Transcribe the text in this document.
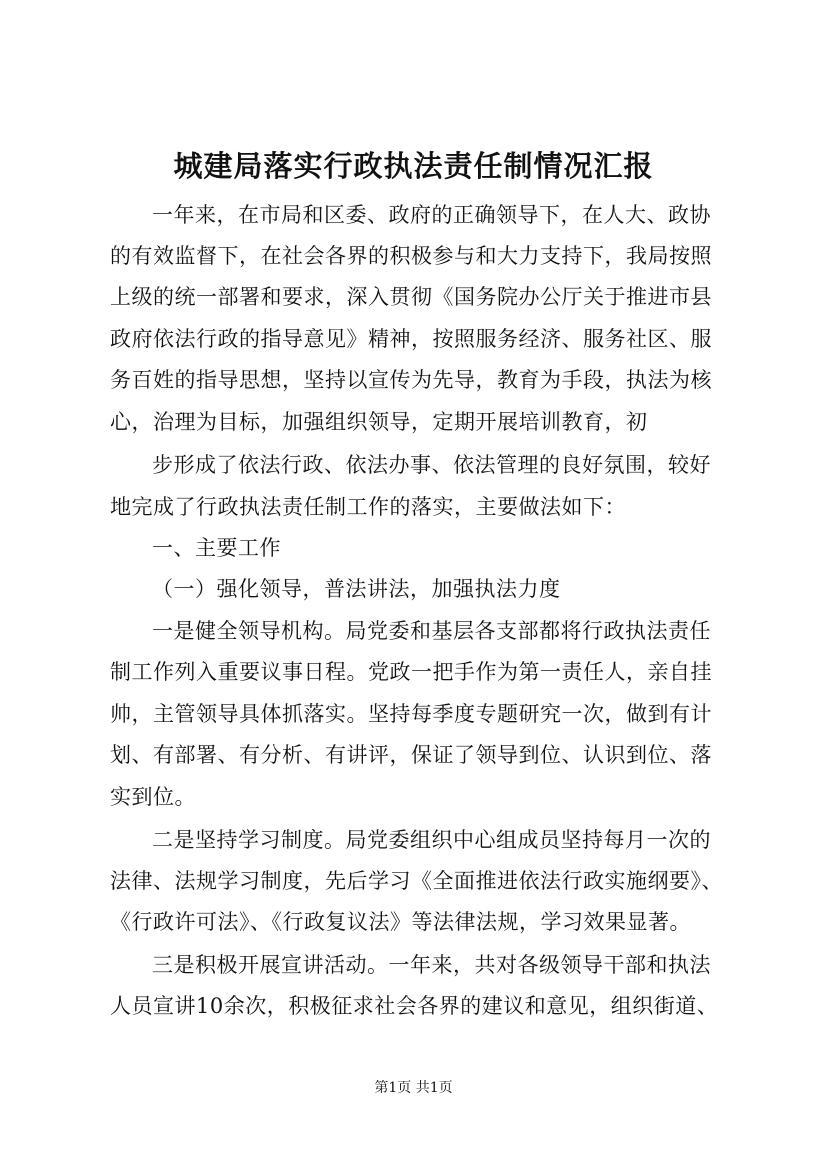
城建局落实行政执法责任制情况汇报
一年来，在市局和区委、政府的正确领导下，在人大、政协
的有效监督下，在社会各界的积极参与和大力支持下，我局按照
上级的统一部署和要求，深入贯彻《国务院办公厅关于推进市县
政府依法行政的指导意见》精神，按照服务经济、服务社区、服
务百姓的指导思想，坚持以宣传为先导，教育为手段，执法为核
心，治理为目标，加强组织领导，定期开展培训教育，初
步形成了依法行政、依法办事、依法管理的良好氛围，较好
地完成了行政执法责任制工作的落实，主要做法如下：
一、主要工作
（一）强化领导，普法讲法，加强执法力度
一是健全领导机构。局党委和基层各支部都将行政执法责任
制工作列入重要议事日程。党政一把手作为第一责任人，亲自挂
帅，主管领导具体抓落实。坚持每季度专题研究一次，做到有计
划、有部署、有分析、有讲评，保证了领导到位、认识到位、落
实到位。
二是坚持学习制度。局党委组织中心组成员坚持每月一次的
法律、法规学习制度，先后学习《全面推进依法行政实施纲要》、
《行政许可法》、《行政复议法》等法律法规，学习效果显著。
三是积极开展宣讲活动。一年来，共对各级领导干部和执法
人员宣讲10余次，积极征求社会各界的建议和意见，组织街道、
第1页 共1页
